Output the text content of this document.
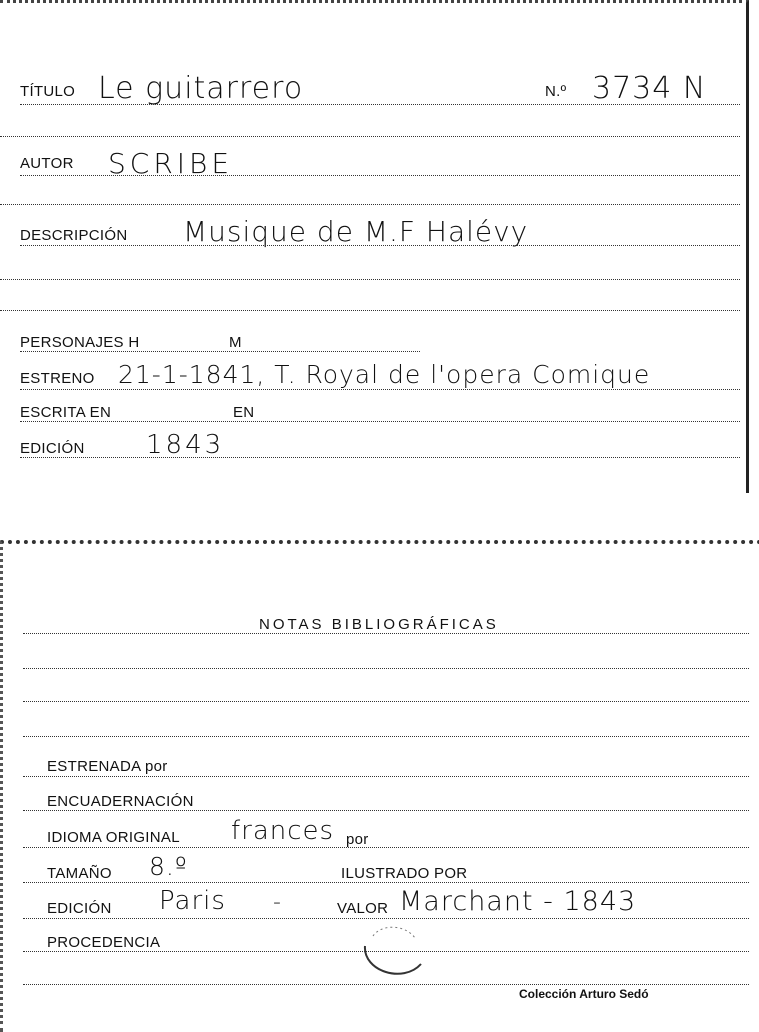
TÍTULO Le guitarrero	N.º 3734 N
AUTOR SCRIBE
DESCRIPCIÓN Musique de M.F Halévy
PERSONAJES H	M
ESTRENO 21-1-1841, T. Royal de l'opera Comique
ESCRITA EN	EN
EDICIÓN 1843
NOTAS BIBLIOGRÁFICAS
ESTRENADA por
ENCUADERNACIÓN
IDIOMA ORIGINAL frances por
TAMAÑO 8.º	ILUSTRADO POR
EDICIÓN Paris -	VALOR Marchant - 1843
PROCEDENCIA
Colección Arturo Sedó
